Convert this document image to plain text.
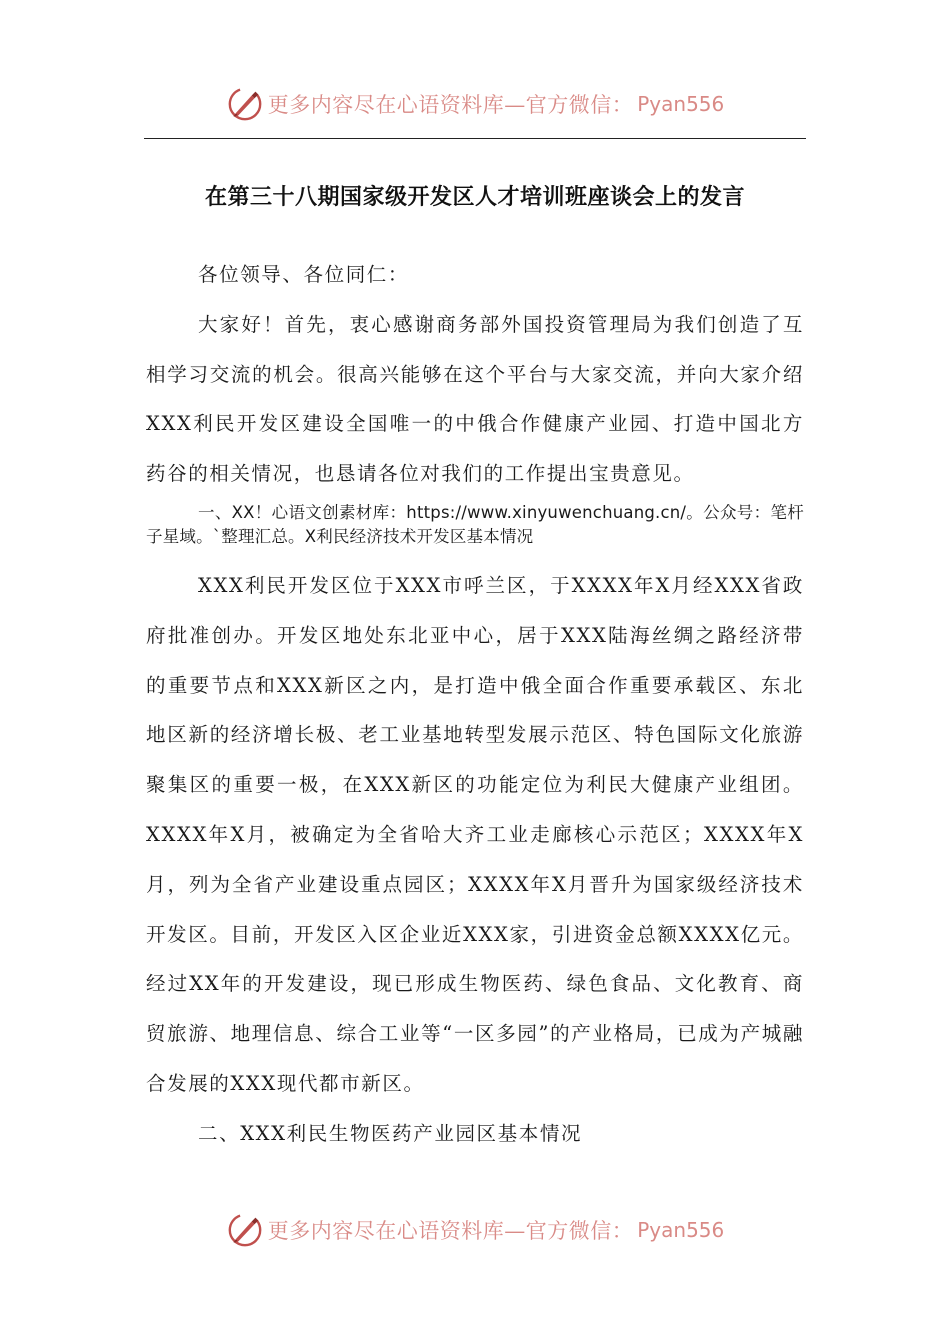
更多内容尽在心语资料库—官方微信： Pyan556
在第三十八期国家级开发区人才培训班座谈会上的发言

各位领导、各位同仁：

大家好！首先，衷心感谢商务部外国投资管理局为我们创造了互相学习交流的机会。很高兴能够在这个平台与大家交流，并向大家介绍XXX利民开发区建设全国唯一的中俄合作健康产业园、打造中国北方药谷的相关情况，也恳请各位对我们的工作提出宝贵意见。

一、XX！心语文创素材库：https://www.xinyuwenchuang.cn/。公众号：笔杆子星域。`整理汇总。X利民经济技术开发区基本情况

XXX利民开发区位于XXX市呼兰区，于XXXX年X月经XXX省政府批准创办。开发区地处东北亚中心，居于XXX陆海丝绸之路经济带的重要节点和XXX新区之内，是打造中俄全面合作重要承载区、东北地区新的经济增长极、老工业基地转型发展示范区、特色国际文化旅游聚集区的重要一极，在XXX新区的功能定位为利民大健康产业组团。XXXX年X月，被确定为全省哈大齐工业走廊核心示范区；XXXX年X月，列为全省产业建设重点园区；XXXX年X月晋升为国家级经济技术开发区。目前，开发区入区企业近XXX家，引进资金总额XXXX亿元。经过XX年的开发建设，现已形成生物医药、绿色食品、文化教育、商贸旅游、地理信息、综合工业等“一区多园”的产业格局，已成为产城融合发展的XXX现代都市新区。

二、XXX利民生物医药产业园区基本情况

更多内容尽在心语资料库—官方微信： Pyan556
